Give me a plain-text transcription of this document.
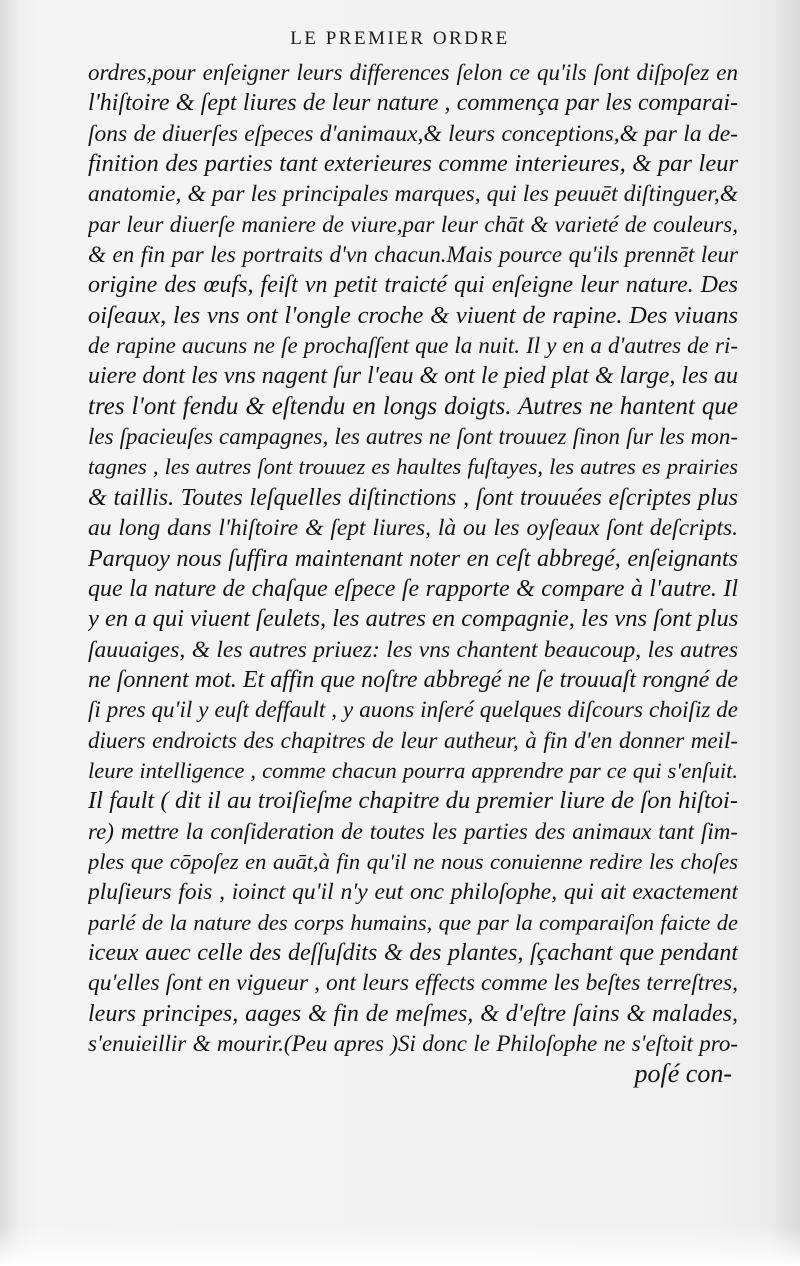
LE PREMIER ORDRE
ordres,pour enſeigner leurs differences ſelon ce qu'ils ſont diſpoſez en
l'hiſtoire & ſept liures de leur nature , commença par les comparai-
ſons de diuerſes eſpeces d'animaux,& leurs conceptions,& par la de-
finition des parties tant exterieures comme interieures, & par leur
anatomie, & par les principales marques, qui les peuuēt diſtinguer,&
par leur diuerſe maniere de viure,par leur chāt & varieté de couleurs,
& en fin par les portraits d'vn chacun.Mais pource qu'ils prennēt leur
origine des œufs, feiſt vn petit traicté qui enſeigne leur nature. Des
oiſeaux, les vns ont l'ongle croche & viuent de rapine. Des viuans
de rapine aucuns ne ſe prochaſſent que la nuit. Il y en a d'autres de ri-
uiere dont les vns nagent ſur l'eau & ont le pied plat & large, les au
tres l'ont fendu & eſtendu en longs doigts. Autres ne hantent que
les ſpacieuſes campagnes, les autres ne ſont trouuez ſinon ſur les mon-
tagnes , les autres ſont trouuez es haultes fuſtayes, les autres es prairies
& taillis. Toutes leſquelles diſtinctions , ſont trouuées eſcriptes plus
au long dans l'hiſtoire & ſept liures, là ou les oyſeaux ſont deſcripts.
Parquoy nous ſuffira maintenant noter en ceſt abbregé, enſeignants
que la nature de chaſque eſpece ſe rapporte & compare à l'autre. Il
y en a qui viuent ſeulets, les autres en compagnie, les vns ſont plus
ſauuaiges, & les autres priuez: les vns chantent beaucoup, les autres
ne ſonnent mot. Et affin que noſtre abbregé ne ſe trouuaſt rongné de
ſi pres qu'il y euſt deffault , y auons inſeré quelques diſcours choiſiz de
diuers endroicts des chapitres de leur autheur, à fin d'en donner meil-
leure intelligence , comme chacun pourra apprendre par ce qui s'enſuit.
Il fault ( dit il au troiſieſme chapitre du premier liure de ſon hiſtoi-
re) mettre la conſideration de toutes les parties des animaux tant ſim-
ples que cōpoſez en auāt,à fin qu'il ne nous conuienne redire les choſes
pluſieurs fois , ioinct qu'il n'y eut onc philoſophe, qui ait exactement
parlé de la nature des corps humains, que par la comparaiſon faicte de
iceux auec celle des deſſuſdits & des plantes, ſçachant que pendant
qu'elles ſont en vigueur , ont leurs effects comme les beſtes terreſtres,
leurs principes, aages & fin de meſmes, & d'eſtre ſains & malades,
s'enuieillir & mourir.(Peu apres )Si donc le Philoſophe ne s'eſtoit pro-
poſé con-
